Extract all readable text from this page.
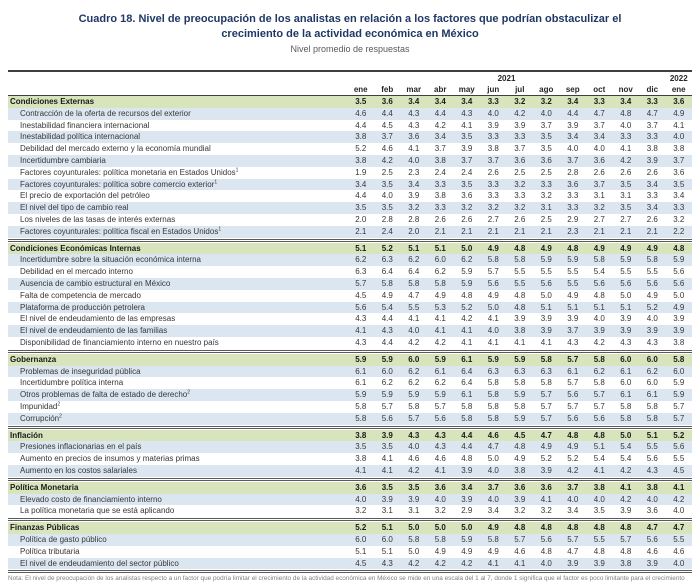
Cuadro 18. Nivel de preocupación de los analistas en relación a los factores que podrían obstaculizar el crecimiento de la actividad económica en México
Nivel promedio de respuestas
2021	2022
ene	feb	mar	abr	may	jun	jul	ago	sep	oct	nov	dic	ene
Condiciones Externas	3.5	3.6	3.4	3.4	3.4	3.3	3.2	3.2	3.4	3.3	3.4	3.3	3.6
Contracción de la oferta de recursos del exterior	4.6	4.4	4.3	4.4	4.3	4.0	4.2	4.0	4.4	4.7	4.8	4.7	4.9
Inestabilidad financiera internacional	4.4	4.5	4.3	4.2	4.1	3.9	3.9	3.7	3.9	3.7	4.0	3.7	4.1
Inestabilidad política internacional	3.8	3.7	3.6	3.4	3.5	3.3	3.3	3.5	3.4	3.4	3.3	3.3	4.0
Debilidad del mercado externo y la economía mundial	5.2	4.6	4.1	3.7	3.9	3.8	3.7	3.5	4.0	4.0	4.1	3.8	3.8
Incertidumbre cambiaria	3.8	4.2	4.0	3.8	3.7	3.7	3.6	3.6	3.7	3.6	4.2	3.9	3.7
Factores coyunturales: política monetaria en Estados Unidos$^1$	1.9	2.5	2.3	2.4	2.4	2.6	2.5	2.5	2.8	2.6	2.6	2.6	3.6
Factores coyunturales: política sobre comercio exterior$^1$	3.4	3.5	3.4	3.3	3.5	3.3	3.2	3.3	3.6	3.7	3.5	3.4	3.5
El precio de exportación del petróleo	4.4	4.0	3.9	3.8	3.6	3.3	3.3	3.2	3.3	3.1	3.1	3.3	3.4
El nivel del tipo de cambio real	3.5	3.5	3.2	3.3	3.2	3.2	3.2	3.1	3.3	3.2	3.5	3.4	3.3
Los niveles de las tasas de interés externas	2.0	2.8	2.8	2.6	2.6	2.7	2.6	2.5	2.9	2.7	2.7	2.6	3.2
Factores coyunturales: política fiscal en Estados Unidos$^1$	2.1	2.4	2.0	2.1	2.1	2.1	2.1	2.1	2.3	2.1	2.1	2.1	2.2
Condiciones Económicas Internas	5.1	5.2	5.1	5.1	5.0	4.9	4.8	4.9	4.8	4.9	4.9	4.9	4.8
Incertidumbre sobre la situación económica interna	6.2	6.3	6.2	6.0	6.2	5.8	5.8	5.9	5.9	5.8	5.9	5.8	5.9
Debilidad en el mercado interno	6.3	6.4	6.4	6.2	5.9	5.7	5.5	5.5	5.5	5.4	5.5	5.5	5.6
Ausencia de cambio estructural en México	5.7	5.8	5.8	5.8	5.9	5.6	5.5	5.6	5.5	5.6	5.6	5.6	5.6
Falta de competencia de mercado	4.5	4.9	4.7	4.9	4.8	4.9	4.8	5.0	4.9	4.8	5.0	4.9	5.0
Plataforma de producción petrolera	5.6	5.4	5.5	5.3	5.2	5.0	4.8	5.1	5.1	5.1	5.1	5.2	4.9
El nivel de endeudamiento de las empresas	4.3	4.4	4.1	4.1	4.2	4.1	3.9	3.9	3.9	4.0	3.9	4.0	3.9
El nivel de endeudamiento de las familias	4.1	4.3	4.0	4.1	4.1	4.0	3.8	3.9	3.7	3.9	3.9	3.9	3.9
Disponibilidad de financiamiento interno en nuestro país	4.3	4.4	4.2	4.2	4.1	4.1	4.1	4.1	4.3	4.2	4.3	4.3	3.8
Gobernanza	5.9	5.9	6.0	5.9	6.1	5.9	5.9	5.8	5.7	5.8	6.0	6.0	5.8
Problemas de inseguridad pública	6.1	6.0	6.2	6.1	6.4	6.3	6.3	6.3	6.1	6.2	6.1	6.2	6.0
Incertidumbre política interna	6.1	6.2	6.2	6.2	6.4	5.8	5.8	5.8	5.7	5.8	6.0	6.0	5.9
Otros problemas de falta de estado de derecho$^2$	5.9	5.9	5.9	5.9	6.1	5.8	5.9	5.7	5.6	5.7	6.1	6.1	5.9
Impunidad$^2$	5.8	5.7	5.8	5.7	5.8	5.8	5.8	5.7	5.7	5.7	5.8	5.8	5.7
Corrupción$^2$	5.8	5.6	5.7	5.6	5.8	5.8	5.9	5.7	5.6	5.6	5.8	5.8	5.7
Inflación	3.8	3.9	4.3	4.3	4.4	4.6	4.5	4.7	4.8	4.8	5.0	5.1	5.2
Presiones inflacionarias en el país	3.5	3.5	4.0	4.3	4.4	4.7	4.8	4.9	4.9	5.1	5.4	5.5	5.6
Aumento en precios de insumos y materias primas	3.8	4.1	4.6	4.6	4.8	5.0	4.9	5.2	5.2	5.4	5.4	5.6	5.5
Aumento en los costos salariales	4.1	4.1	4.2	4.1	3.9	4.0	3.8	3.9	4.2	4.1	4.2	4.3	4.5
Política Monetaria	3.6	3.5	3.5	3.6	3.4	3.7	3.6	3.6	3.7	3.8	4.1	3.8	4.1
Elevado costo de financiamiento interno	4.0	3.9	3.9	4.0	3.9	4.0	3.9	4.1	4.0	4.0	4.2	4.0	4.2
La política monetaria que se está aplicando	3.2	3.1	3.1	3.2	2.9	3.4	3.2	3.2	3.4	3.5	3.9	3.6	4.0
Finanzas Públicas	5.2	5.1	5.0	5.0	5.0	4.9	4.8	4.8	4.8	4.8	4.8	4.7	4.7
Política de gasto público	6.0	6.0	5.8	5.8	5.9	5.8	5.7	5.6	5.7	5.5	5.7	5.6	5.5
Política tributaria	5.1	5.1	5.0	4.9	4.9	4.9	4.6	4.8	4.7	4.8	4.8	4.6	4.6
El nivel de endeudamiento del sector público	4.5	4.3	4.2	4.2	4.2	4.1	4.1	4.0	3.9	3.9	3.8	3.9	4.0
Nota: El nivel de preocupación de los analistas respecto a un factor que podría limitar el crecimiento de la actividad económica en México se mide en una escala del 1 al 7, donde 1 significa que el factor es poco limitante para el crecimiento
